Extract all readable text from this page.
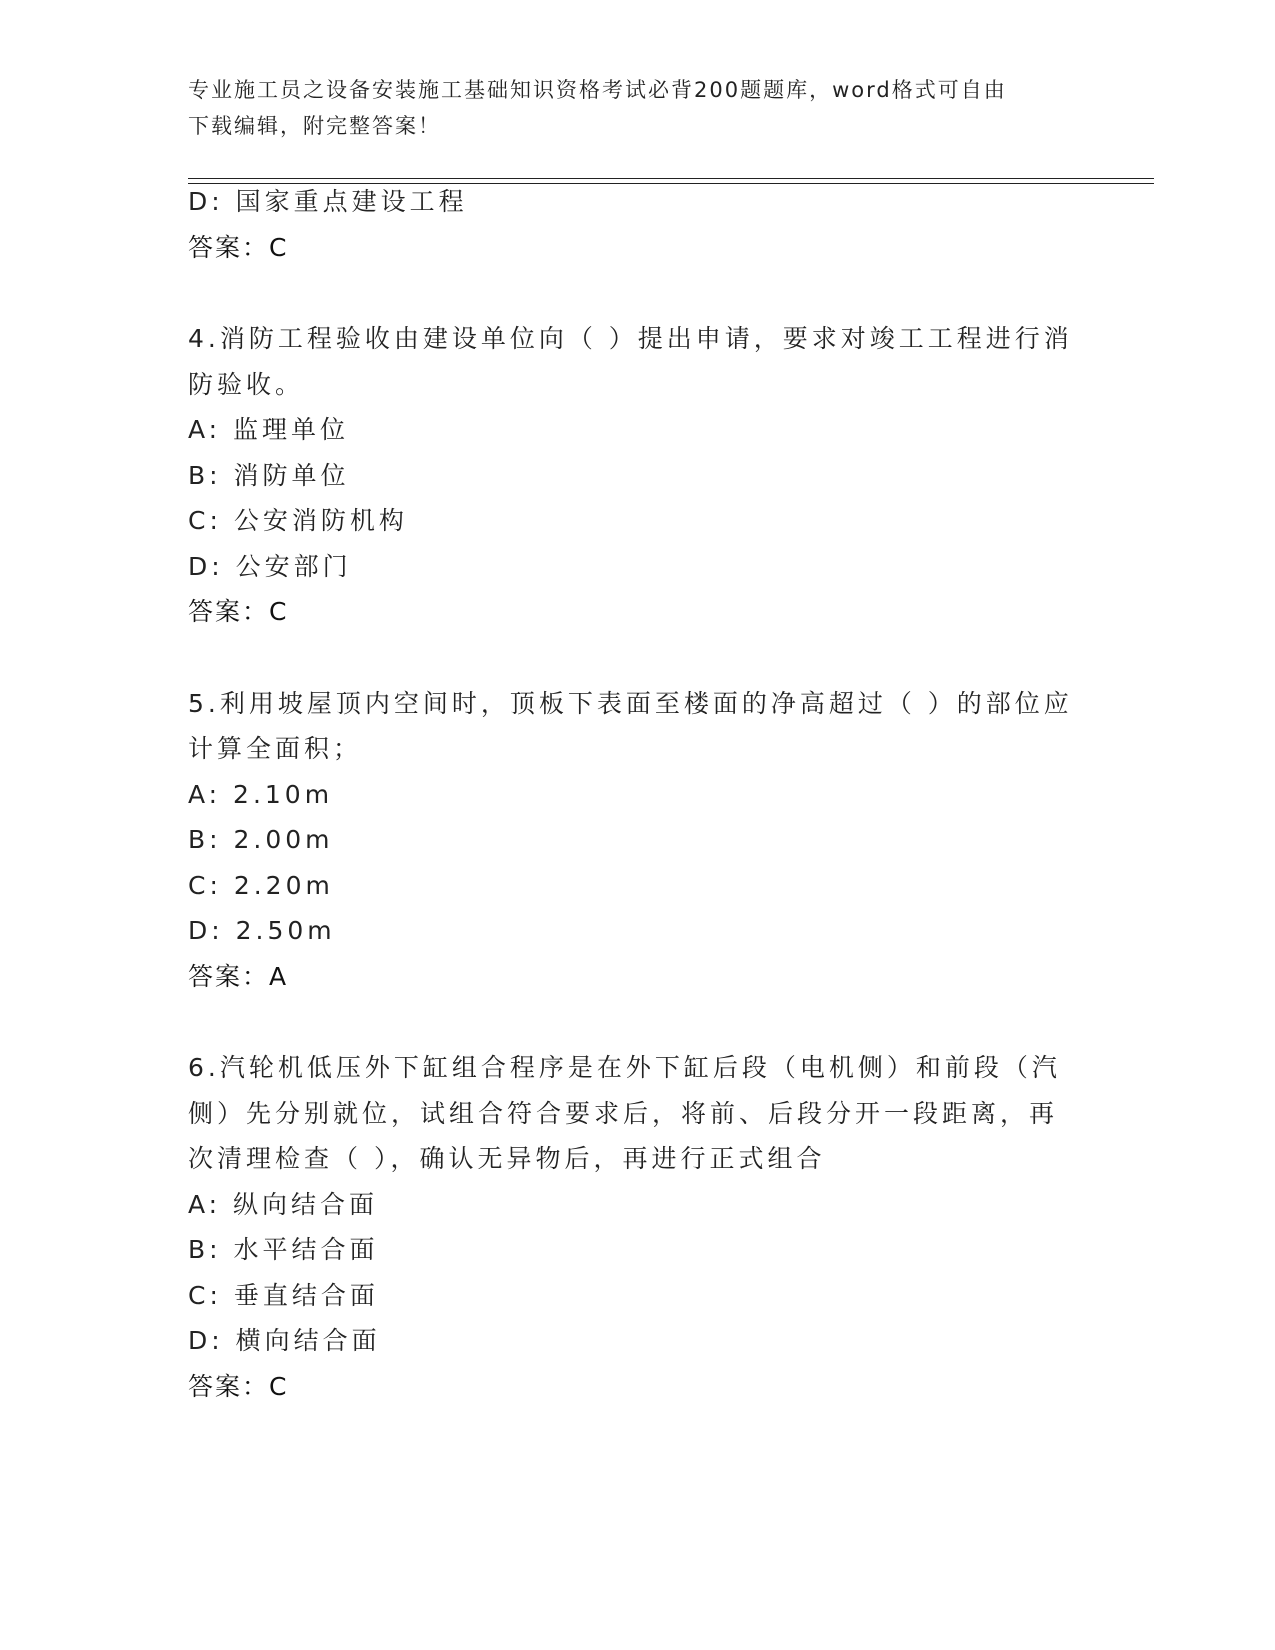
专业施工员之设备安装施工基础知识资格考试必背200题题库，word格式可自由
下载编辑，附完整答案！
D: 国家重点建设工程
答案：C
4.消防工程验收由建设单位向（ ）提出申请，要求对竣工工程进行消
防验收。
A: 监理单位
B: 消防单位
C: 公安消防机构
D: 公安部门
答案：C
5.利用坡屋顶内空间时，顶板下表面至楼面的净高超过（ ）的部位应
计算全面积；
A: 2.10m
B: 2.00m
C: 2.20m
D: 2.50m
答案：A
6.汽轮机低压外下缸组合程序是在外下缸后段（电机侧）和前段（汽
侧）先分别就位，试组合符合要求后，将前、后段分开一段距离，再
次清理检查（ ），确认无异物后，再进行正式组合
A: 纵向结合面
B: 水平结合面
C: 垂直结合面
D: 横向结合面
答案：C
